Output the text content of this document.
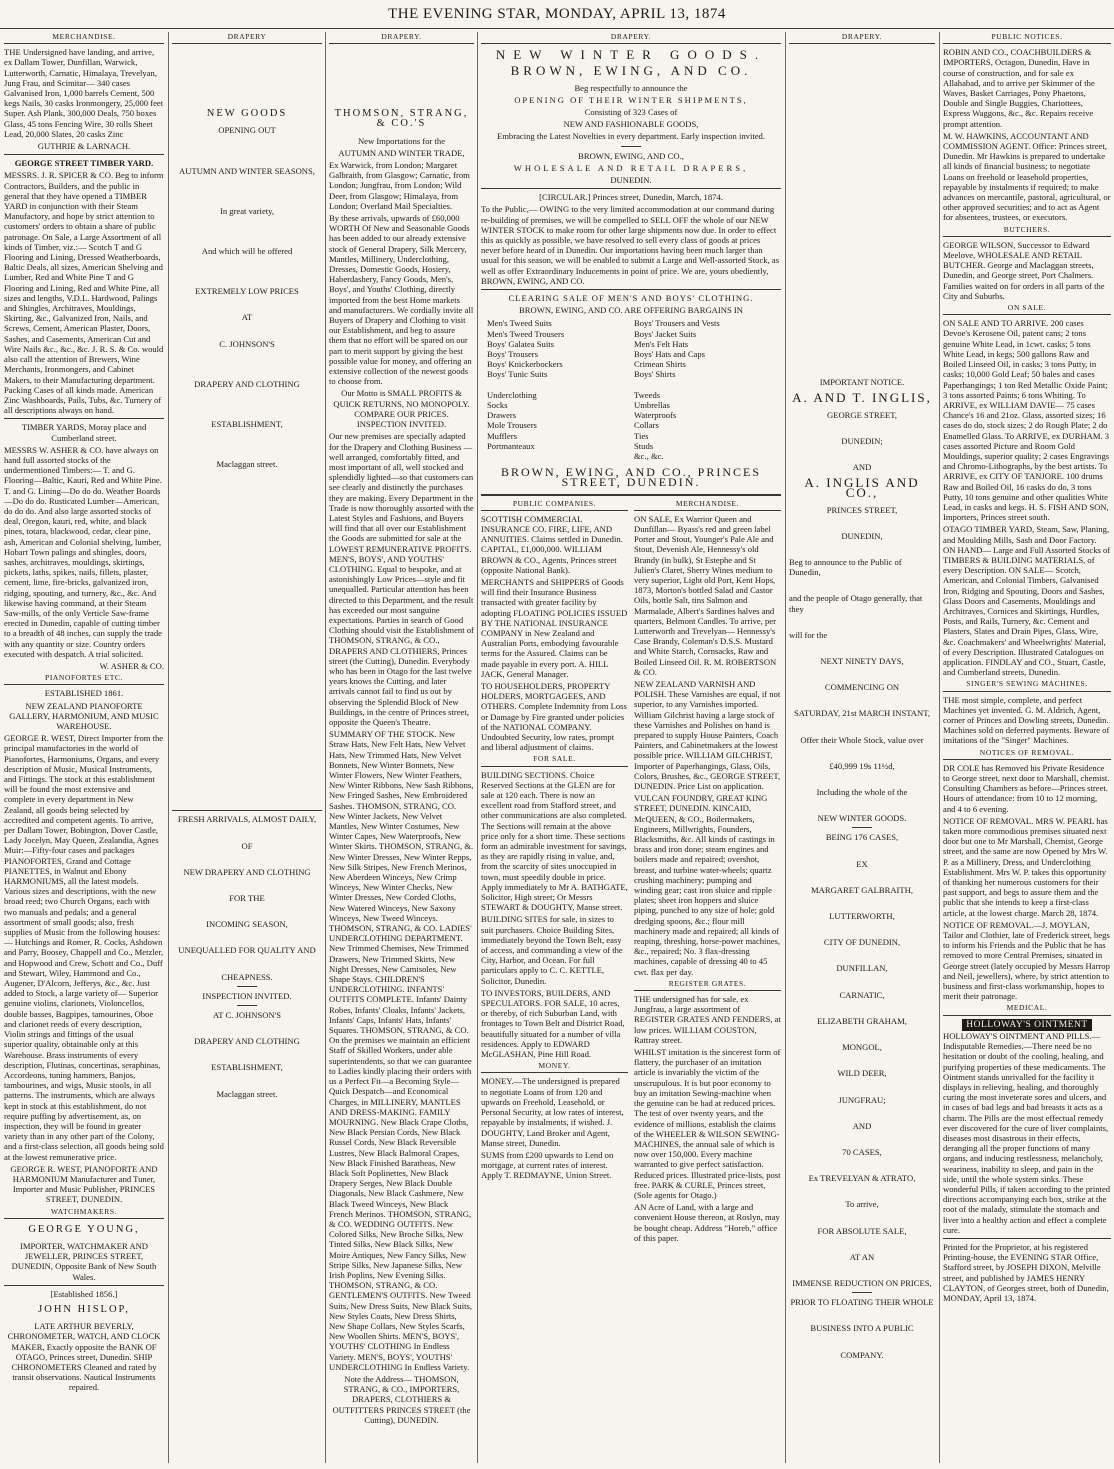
THE EVENING STAR, MONDAY, APRIL 13, 1874
MERCHANDISE.
THE Undersigned have landing, and arrive, ex Dallam Tower, Dunfillan, Warwick, Lutterworth, Carnatic, Himalaya, Trevelyan, Jung Frau, and Scimitar— 340 cases Galvanised Iron, 1,000 barrels Cement, 500 kegs Nails, 30 casks Ironmongery, 25,000 feet Super. Ash Plank, 300,000 Deals, 750 boxes Glass, 45 tons Fencing Wire, 30 rolls Sheet Lead, 20,000 Slates, 20 casks Zinc
GUTHRIE & LARNACH.
GEORGE STREET TIMBER YARD.
MESSRS. J. R. SPICER & CO. Beg to inform Contractors, Builders, and the public in general that they have opened a TIMBER YARD in conjunction with their Steam Manufactory, and hope by strict attention to customers' orders to obtain a share of public patronage. On Sale, a Large Assortment of all kinds of Timber, viz.:— Scotch T and G Flooring and Lining, Dressed Weatherboards, Baltic Deals, all sizes, American Shelving and Lumber, Red and White Pine T and G Flooring and Lining, Red and White Pine, all sizes and lengths, V.D.L. Hardwood, Palings and Shingles, Architraves, Mouldings, Skirting, &c., Galvanized Iron, Nails, and Screws, Cement, American Plaster, Doors, Sashes, and Casements, American Cut and Wire Nails &c., &c., &c. J. R. S. & Co. would also call the attention of Brewers, Wine Merchants, Ironmongers, and Cabinet Makers, to their Manufacturing department. Packing Cases of all kinds made. American Zinc Washboards, Pails, Tubs, &c. Turnery of all descriptions always on hand.
TIMBER YARDS, Moray place and Cumberland street.
MESSRS W. ASHER & CO. have always on hand full assorted stocks of the undermentioned Timbers:— T. and G. Flooring—Baltic, Kauri, Red and White Pine. T. and G. Lining—Do do do. Weather Boards—Do do do. Rusticated Lumber—American, do do do. And also large assorted stocks of deal, Oregon, kauri, red, white, and black pines, totara, blackwood, cedar, clear pine, ash, American and Colonial shelving, lumber, Hobart Town palings and shingles, doors, sashes, architraves, mouldings, skirtings, pickets, laths, spikes, nails, fillets, plaster, cement, lime, fire-bricks, galvanized iron, ridging, spouting, and turnery, &c., &c. And likewise having command, at their Steam Saw-mills, of the only Verticle Saw-frame erected in Dunedin, capable of cutting timber to a breadth of 48 inches, can supply the trade with any quantity or size. Country orders executed with despatch. A trial solicited.
W. ASHER & CO.
PIANOFORTES ETC.
ESTABLISHED 1861.
NEW ZEALAND PIANOFORTE GALLERY, HARMONIUM, AND MUSIC WAREHOUSE.
GEORGE R. WEST, Direct Importer from the principal manufactories in the world of Pianofortes, Harmoniums, Organs, and every description of Music, Musical Instruments, and Fittings. The stock at this establishment will be found the most extensive and complete in every department in New Zealand, all goods being selected by accredited and competent agents. To arrive, per Dallam Tower, Bobington, Dover Castle, Lady Jocelyn, May Queen, Zealandia, Agnes Muir:—Fifty-four cases and packages PIANOFORTES, Grand and Cottage PIANETTES, in Walnut and Ebony HARMONIUMS, all the latest models. Various sizes and descriptions, with the new broad reed; two Church Organs, each with two manuals and pedals; and a general assortment of small goods; also, fresh supplies of Music from the following houses:— Hutchings and Romer, R. Cocks, Ashdown and Parry, Boosey, Chappell and Co., Metzler, and Hopwood and Crew, Schott and Co., Duff and Stewart, Wiley, Hammond and Co., Augener, D'Alcorn, Jefferys, &c., &c. Just added to Stock, a large variety of— Superior genuine violins, clarionets, Violoncellos, double basses, Bagpipes, tamourines, Oboe and clarionet reeds of every description, Violin strings and fittings of the usual superior quality, obtainable only at this Warehouse. Brass instruments of every description, Flutinas, concertinas, seraphinas, Accordeons, tuning hammers, Banjos, tambourines, and wigs, Music stools, in all patterns. The instruments, which are always kept in stock at this establishment, do not require puffing by advertisement, as, on inspection, they will be found in greater variety than in any other part of the Colony, and a first-class selection, all goods being sold at the lowest remunerative price.
GEORGE R. WEST, PIANOFORTE AND HARMONIUM Manufacturer and Tuner, Importer and Music Publisher, PRINCES STREET, DUNEDIN.
WATCHMAKERS.
GEORGE YOUNG,
IMPORTER, WATCHMAKER AND JEWELLER, PRINCES STREET, DUNEDIN, Opposite Bank of New South Wales.
[Established 1856.]
JOHN HISLOP,
LATE ARTHUR BEVERLY, CHRONOMETER, WATCH, AND CLOCK MAKER, Exactly opposite the BANK OF OTAGO, Princes street, Dunedin. SHIP CHRONOMETERS Cleaned and rated by transit observations. Nautical Instruments repaired.
DRAPERY
NEW GOODS
OPENING OUT
AUTUMN AND WINTER SEASONS,
In great variety,
And which will be offered
EXTREMELY LOW PRICES
AT
C. JOHNSON'S
DRAPERY AND CLOTHING
ESTABLISHMENT,
Maclaggan street.
FRESH ARRIVALS, ALMOST DAILY,
OF
NEW DRAPERY AND CLOTHING
FOR THE
INCOMING SEASON,
UNEQUALLED FOR QUALITY AND
CHEAPNESS.
INSPECTION INVITED.
AT C. JOHNSON'S
DRAPERY AND CLOTHING
ESTABLISHMENT,
Maclaggan street.
DRAPERY.
THOMSON, STRANG, & CO.'S
New Importations for the
AUTUMN AND WINTER TRADE,
Ex Warwick, from London; Margaret Galbraith, from Glasgow; Carnatic, from London; Jungfrau, from London; Wild Deer, from Glasgow; Himalaya, from London; Overland Mail Specialties.
By these arrivals, upwards of £60,000 WORTH Of New and Seasonable Goods has been added to our already extensive stock of General Drapery, Silk Mercery, Mantles, Millinery, Underclothing, Dresses, Domestic Goods, Hosiery, Haberdashery, Fancy Goods, Men's, Boys', and Youths' Clothing, directly imported from the best Home markets and manufacturers. We cordially invite all Buyers of Drapery and Clothing to visit our Establishment, and beg to assure them that no effort will be spared on our part to merit support by giving the best possible value for money, and offering an extensive collection of the newest goods to choose from.
Our Motto is SMALL PROFITS & QUICK RETURNS, NO MONOPOLY. COMPARE OUR PRICES. INSPECTION INVITED.
Our new premises are specially adapted for the Drapery and Clothing Business — well arranged, comfortably fitted, and most important of all, well stocked and splendidly lighted—so that customers can see clearly and distinctly the purchases they are making. Every Department in the Trade is now thoroughly assorted with the Latest Styles and Fashions, and Buyers will find that all over our Establishment the Goods are submitted for sale at the LOWEST REMUNERATIVE PROFITS. MEN'S, BOYS', AND YOUTHS' CLOTHING. Equal to bespoke, and at astonishingly Low Prices—style and fit unequalled. Particular attention has been directed to this Department, and the result has exceeded our most sanguine expectations. Parties in search of Good Clothing should visit the Establishment of THOMSON, STRANG, & CO., DRAPERS AND CLOTHIERS, Princes street (the Cutting), Dunedin. Everybody who has been in Otago for the last twelve years knows the Cutting, and later arrivals cannot fail to find us out by observing the Splendid Block of New Buildings, in the centre of Princes street, opposite the Queen's Theatre.
SUMMARY OF THE STOCK. New Straw Hats, New Felt Hats, New Velvet Hats, New Trimmed Hats, New Velvet Bonnets, New Winter Bonnets, New Winter Flowers, New Winter Feathers, New Winter Ribbons, New Sash Ribbons, New Fringed Sashes, New Embroidered Sashes. THOMSON, STRANG, CO. New Winter Jackets, New Velvet Mantles, New Winter Costumes, New Winter Capes, New Waterproofs, New Winter Skirts. THOMSON, STRANG, &. New Winter Dresses, New Winter Repps, New Silk Stripes, New French Merinos, New Aberdeen Winceys, New Crimp Winceys, New Winter Checks, New Winter Dresses, New Corded Cloths, New Watered Winceys, New Saxony Winceys, New Tweed Winceys. THOMSON, STRANG, & CO. LADIES' UNDERCLOTHING DEPARTMENT. New Trimmed Chemises, New Trimmed Drawers, New Trimmed Skirts, New Night Dresses, New Camisoles, New Shape Stays. CHILDREN'S UNDERCLOTHING. INFANTS' OUTFITS COMPLETE. Infants' Dainty Robes, Infants' Cloaks, Infants' Jackets, Infants' Caps, Infants' Hats, Infants' Squares. THOMSON, STRANG, & CO. On the premises we maintain an efficient Staff of Skilled Workers, under able superintendents, so that we can guarantee to Ladies kindly placing their orders with us a Perfect Fit—a Becoming Style—Quick Despatch—and Economical Charges, in MILLINERY, MANTLES AND DRESS-MAKING. FAMILY MOURNING. New Black Crape Cloths, New Black Persian Cords, New Black Russel Cords, New Black Reversible Lustres, New Black Balmoral Crapes, New Black Finished Baratheas, New Black Soft Poplinettes, New Black Drapery Serges, New Black Double Diagonals, New Black Cashmere, New Black Tweed Winceys, New Black French Merinos. THOMSON, STRANG, & CO. WEDDING OUTFITS. New Colored Silks, New Broche Silks, New Tinted Silks, New Black Silks, New Moire Antiques, New Fancy Silks, New Stripe Silks, New Japanese Silks, New Irish Poplins, New Evening Silks. THOMSON, STRANG, & CO. GENTLEMEN'S OUTFITS. New Tweed Suits, New Dress Suits, New Black Suits, New Styles Coats, New Dress Shirts, New Shape Collars, New Styles Scarfs, New Woollen Shirts. MEN'S, BOYS', YOUTHS' CLOTHING In Endless Variety. MEN'S, BOYS', YOUTHS' UNDERCLOTHING In Endless Variety.
Note the Address— THOMSON, STRANG, & CO., IMPORTERS, DRAPERS, CLOTHIERS & OUTFITTERS PRINCES STREET (the Cutting), DUNEDIN.
DRAPERY.
NEW WINTER GOODS.
BROWN, EWING, AND CO.
Beg respectfully to announce the
OPENING OF THEIR WINTER SHIPMENTS,
Consisting of 323 Cases of
NEW AND FASHIONABLE GOODS,
Embracing the Latest Novelties in every department. Early inspection invited.
BROWN, EWING, AND CO.,
WHOLESALE AND RETAIL DRAPERS,
DUNEDIN.
[CIRCULAR.] Princes street, Dunedin, March, 1874.
To the Public,— OWING to the very limited accommodation at our command during re-building of premises, we will be compelled to SELL OFF the whole of our NEW WINTER STOCK to make room for other large shipments now due. In order to effect this as quickly as possible, we have resolved to sell every class of goods at prices never before heard of in Dunedin. Our importations having been much larger than usual for this season, we will be enabled to submit a Large and Well-assorted Stock, as well as offer Extraordinary Inducements in point of price. We are, yours obediently, BROWN, EWING, AND CO.
CLEARING SALE OF MEN'S AND BOYS' CLOTHING.
BROWN, EWING, AND CO. ARE OFFERING BARGAINS IN
Men's Tweed Suits
Men's Tweed Trousers
Boys' Galatea Suits
Boys' Trousers
Boys' Knickerbockers
Boys' Tunic Suits
Underclothing
Socks
Drawers
Mole Trousers
Mufflers
Portmanteaux
Boys' Trousers and Vests
Boys' Jacket Suits
Men's Felt Hats
Boys' Hats and Caps
Crimean Shirts
Boys' Shirts
Tweeds
Umbrellas
Waterproofs
Collars
Ties
Studs
&c., &c.
BROWN, EWING, AND CO., PRINCES STREET, DUNEDIN.
PUBLIC COMPANIES.
SCOTTISH COMMERCIAL INSURANCE CO. FIRE, LIFE, AND ANNUITIES. Claims settled in Dunedin. CAPITAL, £1,000,000. WILLIAM BROWN & CO., Agents, Princes street (opposite National Bank).
MERCHANTS and SHIPPERS of Goods will find their Insurance Business transacted with greater facility by adopting FLOATING POLICIES ISSUED BY THE NATIONAL INSURANCE COMPANY in New Zealand and Australian Ports, embodying favourable terms for the Assured. Claims can be made payable in every port. A. HILL JACK, General Manager.
TO HOUSEHOLDERS, PROPERTY HOLDERS, MORTGAGEES, AND OTHERS. Complete Indemnity from Loss or Damage by Fire granted under policies of the NATIONAL COMPANY. Undoubted Security, low rates, prompt and liberal adjustment of claims.
FOR SALE.
BUILDING SECTIONS. Choice Reserved Sections at the GLEN are for sale at 120 each. There is now an excellent road from Stafford street, and other communications are also completed. The Sections will remain at the above price only for a short time. These sections form an admirable investment for savings, as they are rapidly rising in value, and, from the scarcity of sites unoccupied in town, must speedily double in price. Apply immediately to Mr A. BATHGATE, Solicitor, High street; Or Messrs STEWART & DOUGHTY, Manse street.
BUILDING SITES for sale, in sizes to suit purchasers. Choice Building Sites, immediately beyond the Town Belt, easy of access, and commanding a view of the City, Harbor, and Ocean. For full particulars apply to C. C. KETTLE, Solicitor, Dunedin.
TO INVESTORS, BUILDERS, AND SPECULATORS. FOR SALE, 10 acres, or thereby, of rich Suburban Land, with frontages to Town Belt and District Road, beautifully situated for a number of villa residences. Apply to EDWARD McGLASHAN, Pine Hill Road.
MONEY.
MONEY.—The undersigned is prepared to negotiate Loans of from 120 and upwards on Freehold, Leasehold, or Personal Security, at low rates of interest, repayable by instalments, if wished. J. DOUGHTY, Land Broker and Agent, Manse street, Dunedin.
SUMS from £200 upwards to Lend on mortgage, at current rates of interest. Apply T. REDMAYNE, Union Street.
MERCHANDISE.
ON SALE, Ex Warrior Queen and Dunfillan— Byass's red and green label Porter and Stout, Younger's Pale Ale and Stout, Devenish Ale, Hennessy's old Brandy (in bulk), St Estephe and St Julien's Claret, Sherry Wines medium to very superior, Light old Port, Kent Hops, 1873, Morton's bottled Salad and Castor Oils, bottle Salt, tins Salmon and Marmalade, Albert's Sardines halves and quarters, Belmont Candles. To arrive, per Lutterworth and Trevelyan— Hennessy's Case Brandy, Coleman's D.S.S. Mustard and White Starch, Cornsacks, Raw and Boiled Linseed Oil. R. M. ROBERTSON & CO.
NEW ZEALAND VARNISH AND POLISH. These Varnishes are equal, if not superior, to any Varnishes imported. William Gilchrist having a large stock of these Varnishes and Polishes on hand is prepared to supply House Painters, Coach Painters, and Cabinetmakers at the lowest possible price. WILLIAM GILCHRIST, Importer of Paperhangings, Glass, Oils, Colors, Brushes, &c., GEORGE STREET, DUNEDIN. Price List on application.
VULCAN FOUNDRY, GREAT KING STREET, DUNEDIN. KINCAID, McQUEEN, & CO., Boilermakers, Engineers, Millwrights, Founders, Blacksmiths, &c. All kinds of castings in brass and iron done; steam engines and boilers made and repaired; overshot, breast, and turbine water-wheels; quartz crushing machinery; pumping and winding gear; cast iron sluice and ripple plates; sheet iron hoppers and sluice piping, punched to any size of hole; gold dredging spoons, &c.; flour mill machinery made and repaired; all kinds of reaping, threshing, horse-power machines, &c., repaired; No. 3 flax-dressing machines, capable of dressing 40 to 45 cwt. flax per day.
REGISTER GRATES.
THE undersigned has for sale, ex Jungfrau, a large assortment of REGISTER GRATES AND FENDERS, at low prices. WILLIAM COUSTON, Rattray street.
WHILST imitation is the sincerest form of flattery, the purchaser of an imitation article is invariably the victim of the unscrupulous. It is but poor economy to buy an imitation Sewing-machine when the genuine can be had at reduced prices. The test of over twenty years, and the evidence of millions, establish the claims of the WHEELER & WILSON SEWING-MACHINES, the annual sale of which is now over 150,000. Every machine warranted to give perfect satisfaction. Reduced prices. Illustrated price-lists, post free. PARK & CURLE, Princes street, (Sole agents for Otago.)
AN Acre of Land, with a large and convenient House thereon, at Roslyn, may be bought cheap. Address "Horeb," office of this paper.
DRAPERY.
IMPORTANT NOTICE.
A. AND T. INGLIS,
GEORGE STREET,
DUNEDIN;
AND
A. INGLIS AND CO.,
PRINCES STREET,
DUNEDIN,
Beg to announce to the Public of Dunedin,
and the people of Otago generally, that they
will for the
NEXT NINETY DAYS,
COMMENCING ON
SATURDAY, 21st MARCH INSTANT,
Offer their Whole Stock, value over
£40,999 19s 11½d,
Including the whole of the
NEW WINTER GOODS.
BEING 176 CASES,
EX
MARGARET GALBRAITH,
LUTTERWORTH,
CITY OF DUNEDIN,
DUNFILLAN,
CARNATIC,
ELIZABETH GRAHAM,
MONGOL,
WILD DEER,
JUNGFRAU;
AND
70 CASES,
Ex TREVELYAN & ATRATO,
To arrive,
FOR ABSOLUTE SALE,
AT AN
IMMENSE REDUCTION ON PRICES,
PRIOR TO FLOATING THEIR WHOLE
BUSINESS INTO A PUBLIC
COMPANY.
PUBLIC NOTICES.
ROBIN AND CO., COACHBUILDERS & IMPORTERS, Octagon, Dunedin, Have in course of construction, and for sale ex Allahabad, and to arrive per Skimmer of the Waves, Basket Carriages, Pony Phaetons, Double and Single Buggies, Chariottees, Express Waggons, &c., &c. Repairs receive prompt attention.
M. W. HAWKINS, ACCOUNTANT AND COMMISSION AGENT. Office: Princes street, Dunedin. Mr Hawkins is prepared to undertake all kinds of financial business; to negotiate Loans on freehold or leasehold properties, repayable by instalments if required; to make advances on mercantile, pastoral, agricultural, or other approved securities; and to act as Agent for absentees, trustees, or executors.
BUTCHERS.
GEORGE WILSON, Successor to Edward Meelove, WHOLESALE AND RETAIL BUTCHER. George and Maclaggan streets, Dunedin, and George street, Port Chalmers. Families waited on for orders in all parts of the City and Suburbs.
ON SALE.
ON SALE AND TO ARRIVE. 200 cases Devoe's Kerosene Oil, patent cans; 2 tons genuine White Lead, in 1cwt. casks; 5 tons White Lead, in kegs; 500 gallons Raw and Boiled Linseed Oil, in casks; 3 tons Putty, in casks; 10,000 Gold Leaf; 50 bales and cases Paperhangings; 1 ton Red Metallic Oxide Paint; 3 tons assorted Paints; 6 tons Whiting. To ARRIVE, ex WILLIAM DAVIE— 75 cases Chance's 16 and 21oz. Glass, assorted sizes; 16 cases do do, stock sizes; 2 do Rough Plate; 2 do Enamelled Glass. To ARRIVE, ex DURHAM. 3 cases assorted Picture and Room Gold Mouldings, superior quality; 2 cases Engravings and Chromo-Lithographs, by the best artists. To ARRIVE, ex CITY OF TANJORE. 100 drums Raw and Boiled Oil, 16 casks do do, 3 tons Putty, 10 tons genuine and other qualities White Lead, in casks and kegs. H. S. FISH AND SON, Importers, Princes street south.
OTAGO TIMBER YARD, Steam, Saw, Planing, and Moulding Mills, Sash and Door Factory. ON HAND— Large and Full Assorted Stocks of TIMBERS & BUILDING MATERIALS, of every Description. ON SALE— Scotch, American, and Colonial Timbers, Galvanised Iron, Ridging and Spouting, Doors and Sashes, Glass Doors and Casements, Mouldings and Architraves, Cornices and Skirtings, Hurdles, Posts, and Rails, Turnery, &c. Cement and Plasters, Slates and Drain Pipes, Glass, Wire, &c. Coachmakers' and Wheelwrights' Material, of every Description. Illustrated Catalogues on application. FINDLAY and CO., Stuart, Castle, and Cumberland streets, Dunedin.
SINGER'S SEWING MACHINES.
THE most simple, complete, and perfect Machines yet invented. G. M. Aldrich, Agent, corner of Princes and Dowling streets, Dunedin. Machines sold on deferred payments. Beware of imitations of the "Singer" Machines.
NOTICES OF REMOVAL.
DR COLE has Removed his Private Residence to George street, next door to Marshall, chemist. Consulting Chambers as before—Princes street. Hours of attendance: from 10 to 12 morning, and 4 to 6 evening.
NOTICE OF REMOVAL. MRS W. PEARL has taken more commodious premises situated next door but one to Mr Marshall, Chemist, George street, and the same are now Opened by Mrs W. P. as a Millinery, Dress, and Underclothing Establishment. Mrs W. P. takes this opportunity of thanking her numerous customers for their past support, and begs to assure them and the public that she intends to keep a first-class article, at the lowest charge. March 28, 1874.
NOTICE OF REMOVAL.—J. MOYLAN, Tailor and Clothier, late of Frederick street, begs to inform his Friends and the Public that he has removed to more Central Premises, situated in George street (lately occupied by Messrs Harrop and Neil, jewellers), where, by strict attention to business and first-class workmanship, hopes to merit their patronage.
MEDICAL.
HOLLOWAY'S OINTMENT
HOLLOWAY'S OINTMENT AND PILLS.—Indisputable Remedies.—There need be no hesitation or doubt of the cooling, healing, and purifying properties of these medicaments. The Ointment stands unrivalled for the facility it displays in relieving, healing, and thoroughly curing the most inveterate sores and ulcers, and in cases of bad legs and bad breasts it acts as a charm. The Pills are the most effectual remedy ever discovered for the cure of liver complaints, diseases most disastrous in their effects, deranging all the proper functions of many organs, and inducing restlessness, melancholy, weariness, inability to sleep, and pain in the side, until the whole system sinks. These wonderful Pills, if taken according to the printed directions accompanying each box, strike at the root of the malady, stimulate the stomach and liver into a healthy action and effect a complete cure.
Printed for the Proprietor, at his registered Printing-house, the EVENING STAR Office, Stafford street, by JOSEPH DIXON, Melville street, and published by JAMES HENRY CLAYTON, of Georges street, both of Dunedin, MONDAY, April 13, 1874.
